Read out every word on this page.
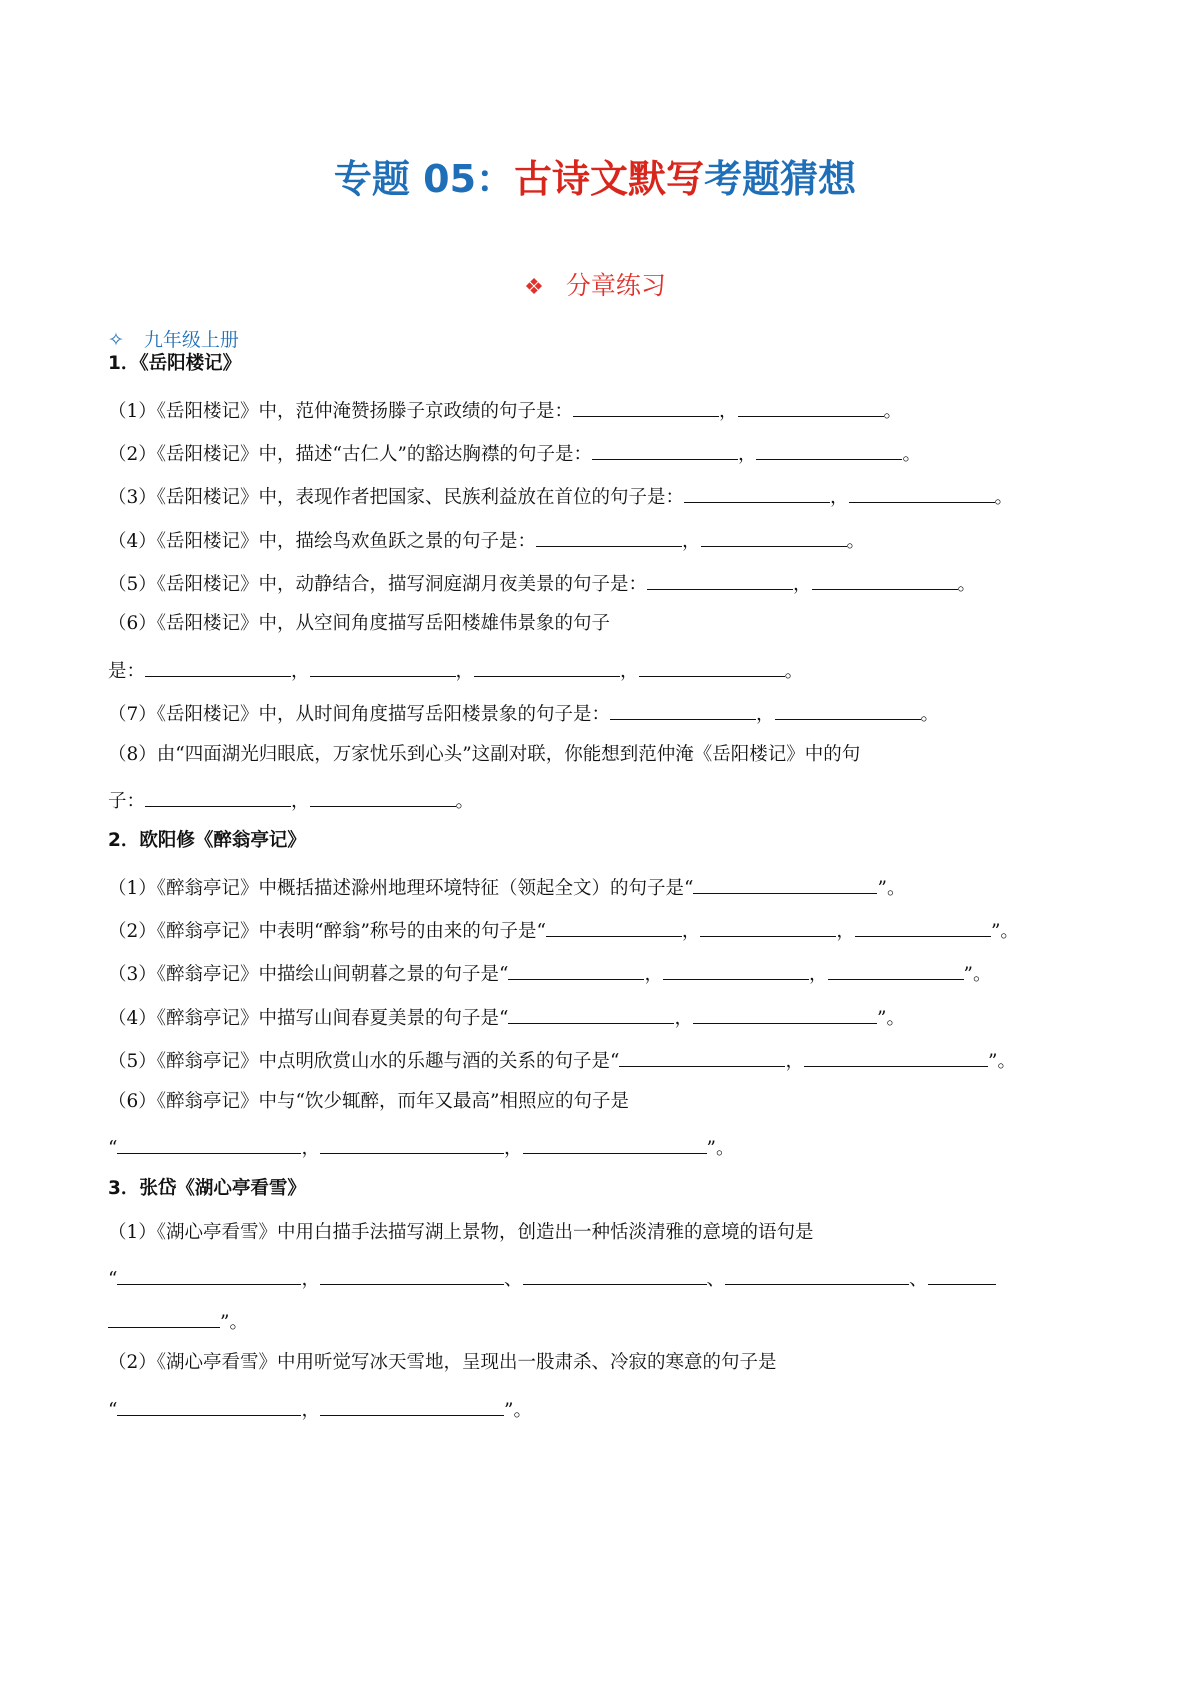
专题 05：古诗文默写考题猜想
❖ 分章练习
✧ 九年级上册
1．《岳阳楼记》
（1）《岳阳楼记》中，范仲淹赞扬滕子京政绩的句子是：	，	。
（2）《岳阳楼记》中，描述“古仁人”的豁达胸襟的句子是：	，	。
（3）《岳阳楼记》中，表现作者把国家、民族利益放在首位的句子是：	，	。
（4）《岳阳楼记》中，描绘鸟欢鱼跃之景的句子是：	，	。
（5）《岳阳楼记》中，动静结合，描写洞庭湖月夜美景的句子是：	，	。
（6）《岳阳楼记》中，从空间角度描写岳阳楼雄伟景象的句子
是：	，	，	，	。
（7）《岳阳楼记》中，从时间角度描写岳阳楼景象的句子是：	，	。
（8）由“四面湖光归眼底，万家忧乐到心头”这副对联，你能想到范仲淹《岳阳楼记》中的句
子：	，	。
2．欧阳修《醉翁亭记》
（1）《醉翁亭记》中概括描述滁州地理环境特征（领起全文）的句子是“	”。
（2）《醉翁亭记》中表明“醉翁”称号的由来的句子是“	，	，	”。
（3）《醉翁亭记》中描绘山间朝暮之景的句子是“	，	，	”。
（4）《醉翁亭记》中描写山间春夏美景的句子是“	，	”。
（5）《醉翁亭记》中点明欣赏山水的乐趣与酒的关系的句子是“	，	”。
（6）《醉翁亭记》中与“饮少辄醉，而年又最高”相照应的句子是
“	，	，	”。
3．张岱《湖心亭看雪》
（1）《湖心亭看雪》中用白描手法描写湖上景物，创造出一种恬淡清雅的意境的语句是
“	，	、	、	、
”。
（2）《湖心亭看雪》中用听觉写冰天雪地，呈现出一股肃杀、冷寂的寒意的句子是
“	，	”。
